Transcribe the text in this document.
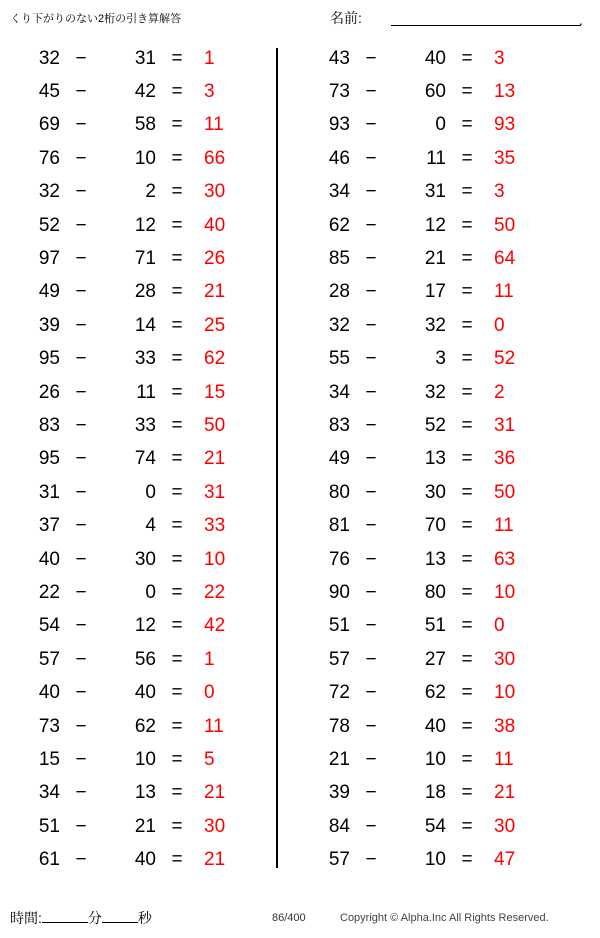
くり下がりのない2桁の引き算解答	名前:	.
32 −	31 =	1
45 −	42 =	3
69 −	58 =	11
76 −	10 =	66
32 −	2 =	30
52 −	12 =	40
97 −	71 =	26
49 −	28 =	21
39 −	14 =	25
95 −	33 =	62
26 −	11 =	15
83 −	33 =	50
95 −	74 =	21
31 −	0 =	31
37 −	4 =	33
40 −	30 =	10
22 −	0 =	22
54 −	12 =	42
57 −	56 =	1
40 −	40 =	0
73 −	62 =	11
15 −	10 =	5
34 −	13 =	21
51 −	21 =	30
61 −	40 =	21
43 −	40 =	3
73 −	60 =	13
93 −	0 =	93
46 −	11 =	35
34 −	31 =	3
62 −	12 =	50
85 −	21 =	64
28 −	17 =	11
32 −	32 =	0
55 −	3 =	52
34 −	32 =	2
83 −	52 =	31
49 −	13 =	36
80 −	30 =	50
81 −	70 =	11
76 −	13 =	63
90 −	80 =	10
51 −	51 =	0
57 −	27 =	30
72 −	62 =	10
78 −	40 =	38
21 −	10 =	11
39 −	18 =	21
84 −	54 =	30
57 −	10 =	47
時間:	分	秒	86/400	Copyright © Alpha.Inc All Rights Reserved.
